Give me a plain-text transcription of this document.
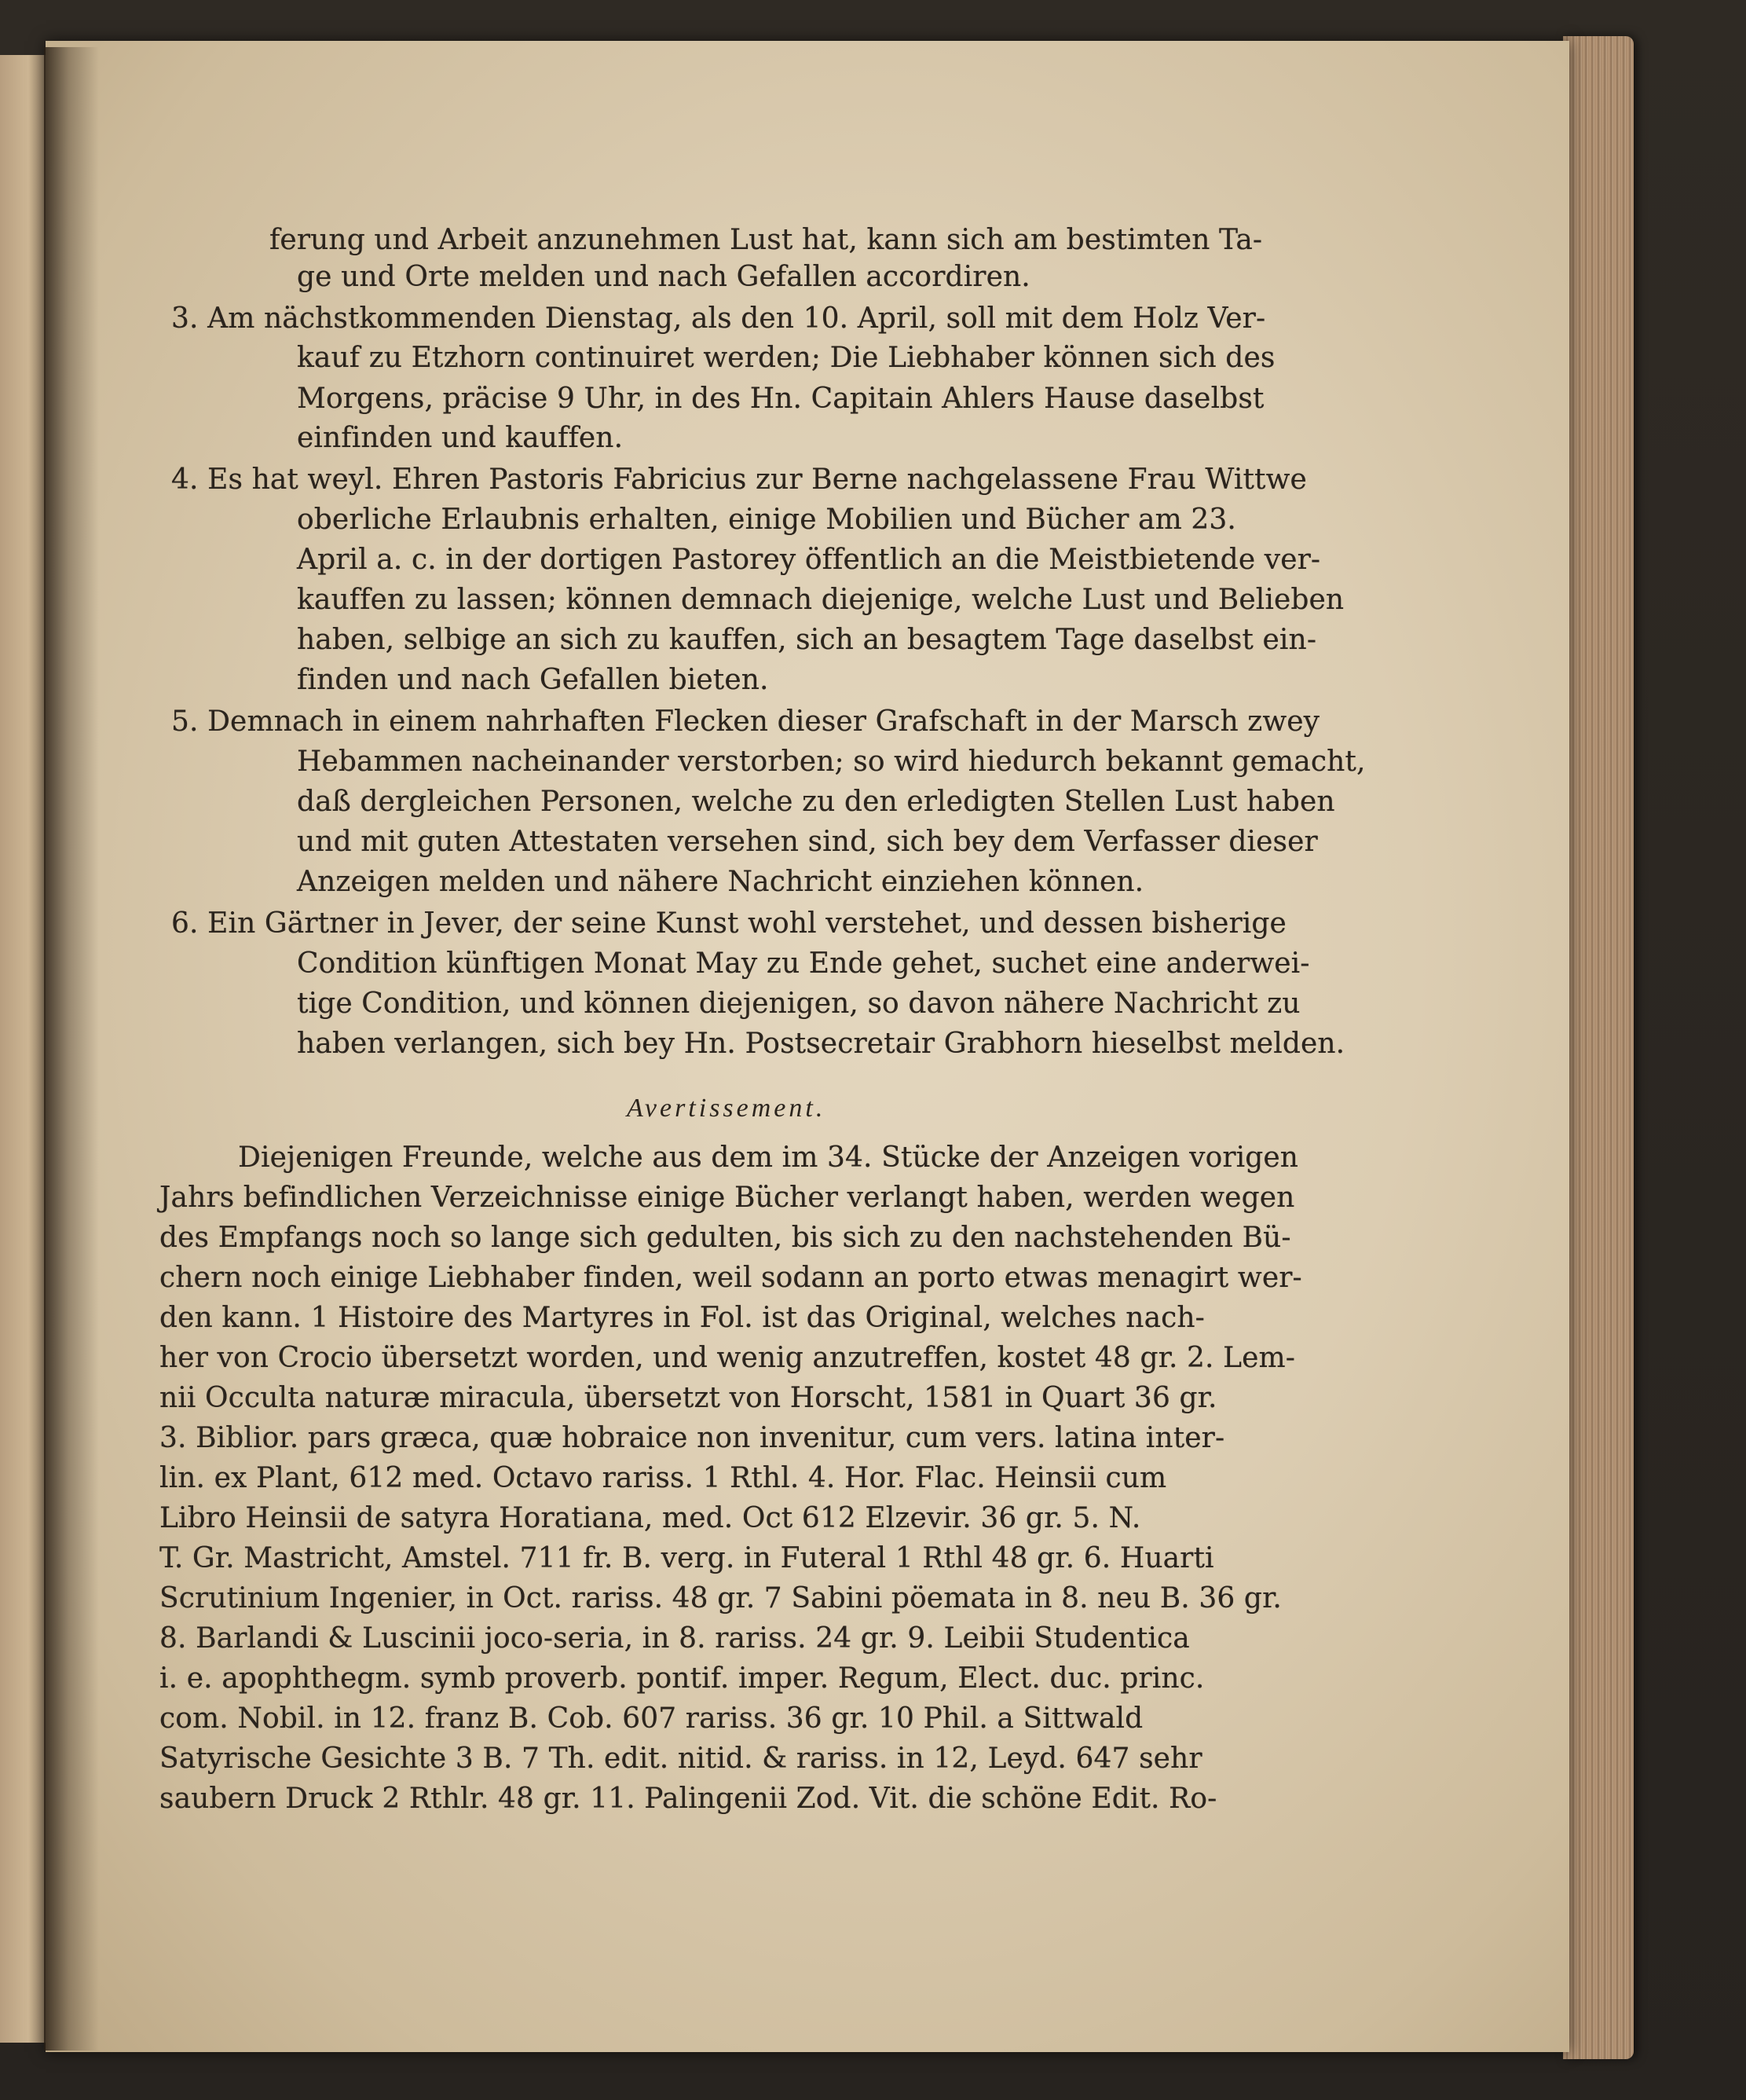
ferung und Arbeit anzunehmen Lust hat, kann sich am bestimten Ta-
ge und Orte melden und nach Gefallen accordiren.
3. Am nächstkommenden Dienstag, als den 10. April, soll mit dem Holz Ver-
kauf zu Etzhorn continuiret werden; Die Liebhaber können sich des
Morgens, präcise 9 Uhr, in des Hn. Capitain Ahlers Hause daselbst
einfinden und kauffen.
4. Es hat weyl. Ehren Pastoris Fabricius zur Berne nachgelassene Frau Wittwe
oberliche Erlaubnis erhalten, einige Mobilien und Bücher am 23.
April a. c. in der dortigen Pastorey öffentlich an die Meistbietende ver-
kauffen zu lassen; können demnach diejenige, welche Lust und Belieben
haben, selbige an sich zu kauffen, sich an besagtem Tage daselbst ein-
finden und nach Gefallen bieten.
5. Demnach in einem nahrhaften Flecken dieser Grafschaft in der Marsch zwey
Hebammen nacheinander verstorben; so wird hiedurch bekannt gemacht,
daß dergleichen Personen, welche zu den erledigten Stellen Lust haben
und mit guten Attestaten versehen sind, sich bey dem Verfasser dieser
Anzeigen melden und nähere Nachricht einziehen können.
6. Ein Gärtner in Jever, der seine Kunst wohl verstehet, und dessen bisherige
Condition künftigen Monat May zu Ende gehet, suchet eine anderwei-
tige Condition, und können diejenigen, so davon nähere Nachricht zu
haben verlangen, sich bey Hn. Postsecretair Grabhorn hieselbst melden.
Avertissement.
Diejenigen Freunde, welche aus dem im 34. Stücke der Anzeigen vorigen
Jahrs befindlichen Verzeichnisse einige Bücher verlangt haben, werden wegen
des Empfangs noch so lange sich gedulten, bis sich zu den nachstehenden Bü-
chern noch einige Liebhaber finden, weil sodann an porto etwas menagirt wer-
den kann. 1 Histoire des Martyres in Fol. ist das Original, welches nach-
her von Crocio übersetzt worden, und wenig anzutreffen, kostet 48 gr. 2. Lem-
nii Occulta naturæ miracula, übersetzt von Horscht, 1581 in Quart 36 gr.
3. Biblior. pars græca, quæ hobraice non invenitur, cum vers. latina inter-
lin. ex Plant, 612 med. Octavo rariss. 1 Rthl. 4. Hor. Flac. Heinsii cum
Libro Heinsii de satyra Horatiana, med. Oct 612 Elzevir. 36 gr. 5. N.
T. Gr. Mastricht, Amstel. 711 fr. B. verg. in Futeral 1 Rthl 48 gr. 6. Huarti
Scrutinium Ingenier, in Oct. rariss. 48 gr. 7 Sabini pöemata in 8. neu B. 36 gr.
8. Barlandi & Luscinii joco-seria, in 8. rariss. 24 gr. 9. Leibii Studentica
i. e. apophthegm. symb proverb. pontif. imper. Regum, Elect. duc. princ.
com. Nobil. in 12. franz B. Cob. 607 rariss. 36 gr. 10 Phil. a Sittwald
Satyrische Gesichte 3 B. 7 Th. edit. nitid. & rariss. in 12, Leyd. 647 sehr
saubern Druck 2 Rthlr. 48 gr. 11. Palingenii Zod. Vit. die schöne Edit. Ro-
